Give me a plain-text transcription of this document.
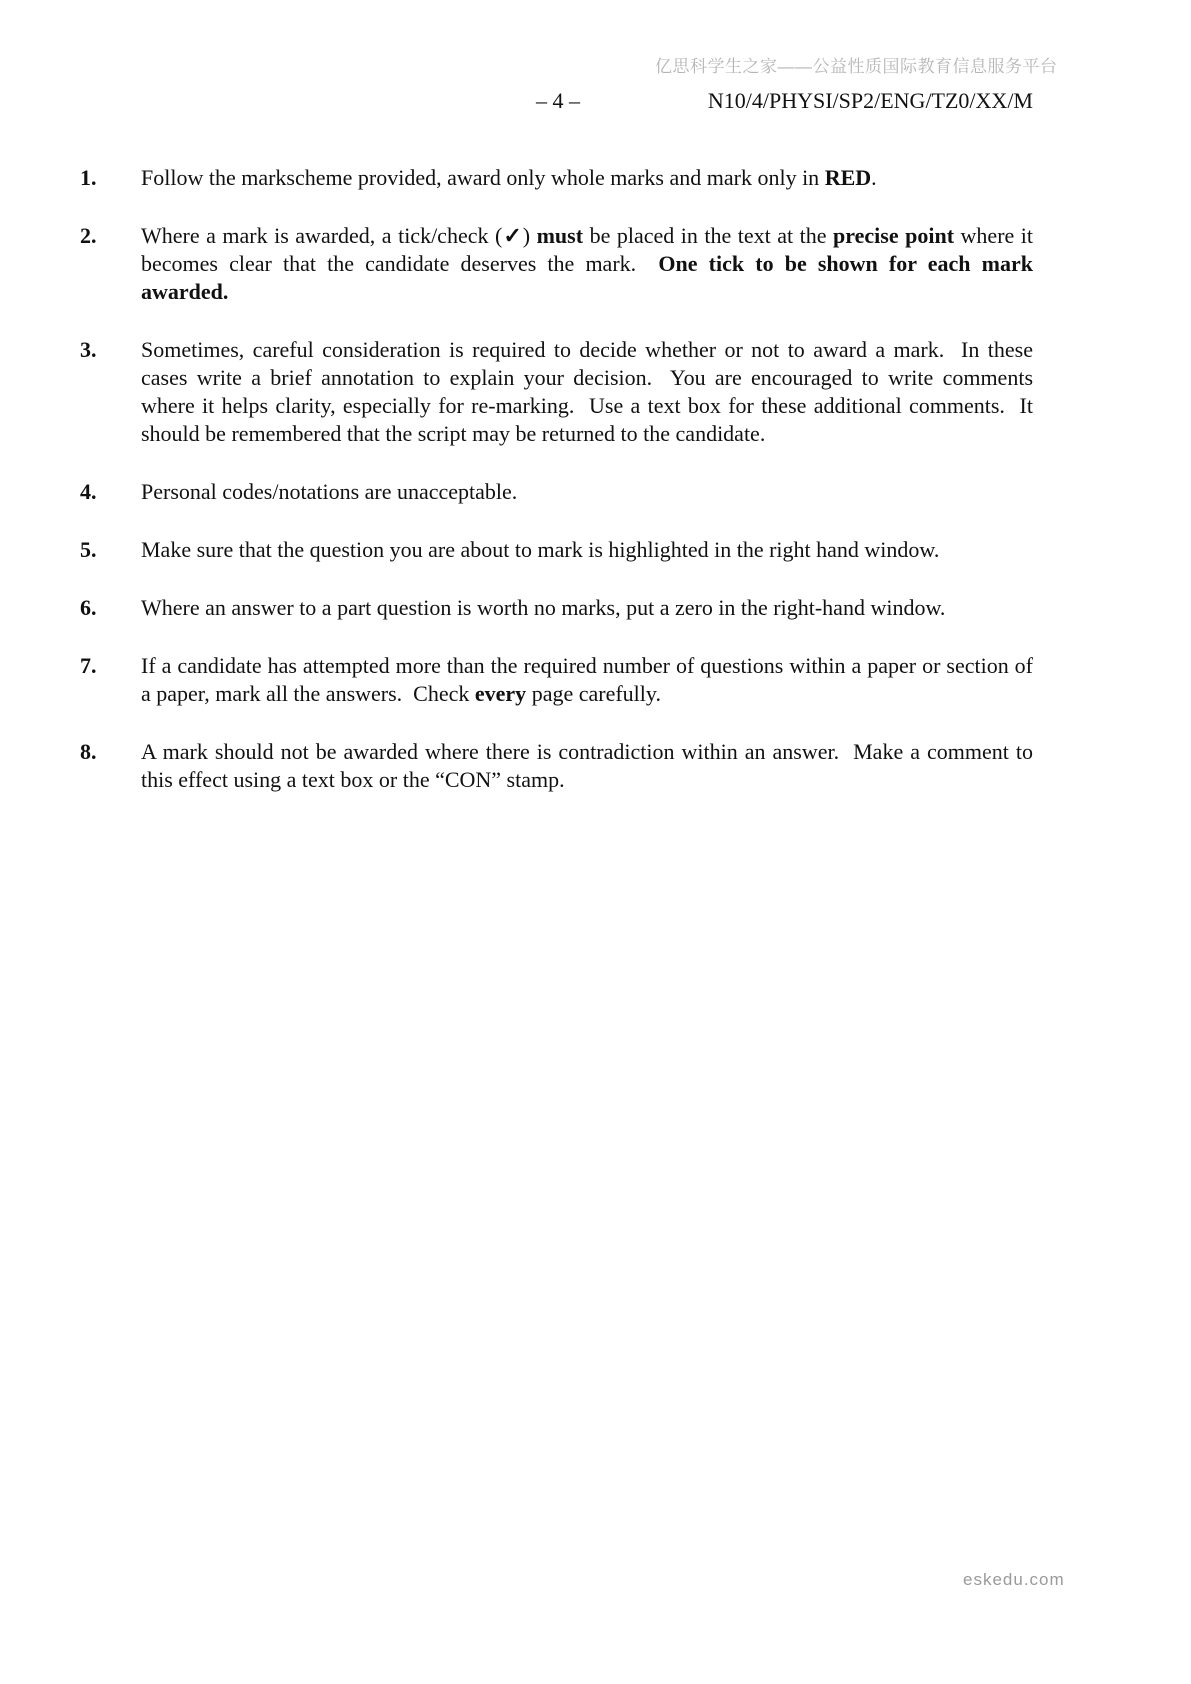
亿思科学生之家——公益性质国际教育信息服务平台
– 4 –	N10/4/PHYSI/SP2/ENG/TZ0/XX/M
1.	Follow the markscheme provided, award only whole marks and mark only in RED.
2.	Where a mark is awarded, a tick/check (✓) must be placed in the text at the precise point where it becomes clear that the candidate deserves the mark.  One tick to be shown for each mark awarded.
3.	Sometimes, careful consideration is required to decide whether or not to award a mark.  In these cases write a brief annotation to explain your decision.  You are encouraged to write comments where it helps clarity, especially for re-marking.  Use a text box for these additional comments.  It should be remembered that the script may be returned to the candidate.
4.	Personal codes/notations are unacceptable.
5.	Make sure that the question you are about to mark is highlighted in the right hand window.
6.	Where an answer to a part question is worth no marks, put a zero in the right-hand window.
7.	If a candidate has attempted more than the required number of questions within a paper or section of a paper, mark all the answers.  Check every page carefully.
8.	A mark should not be awarded where there is contradiction within an answer.  Make a comment to this effect using a text box or the “CON” stamp.
eskedu.com
